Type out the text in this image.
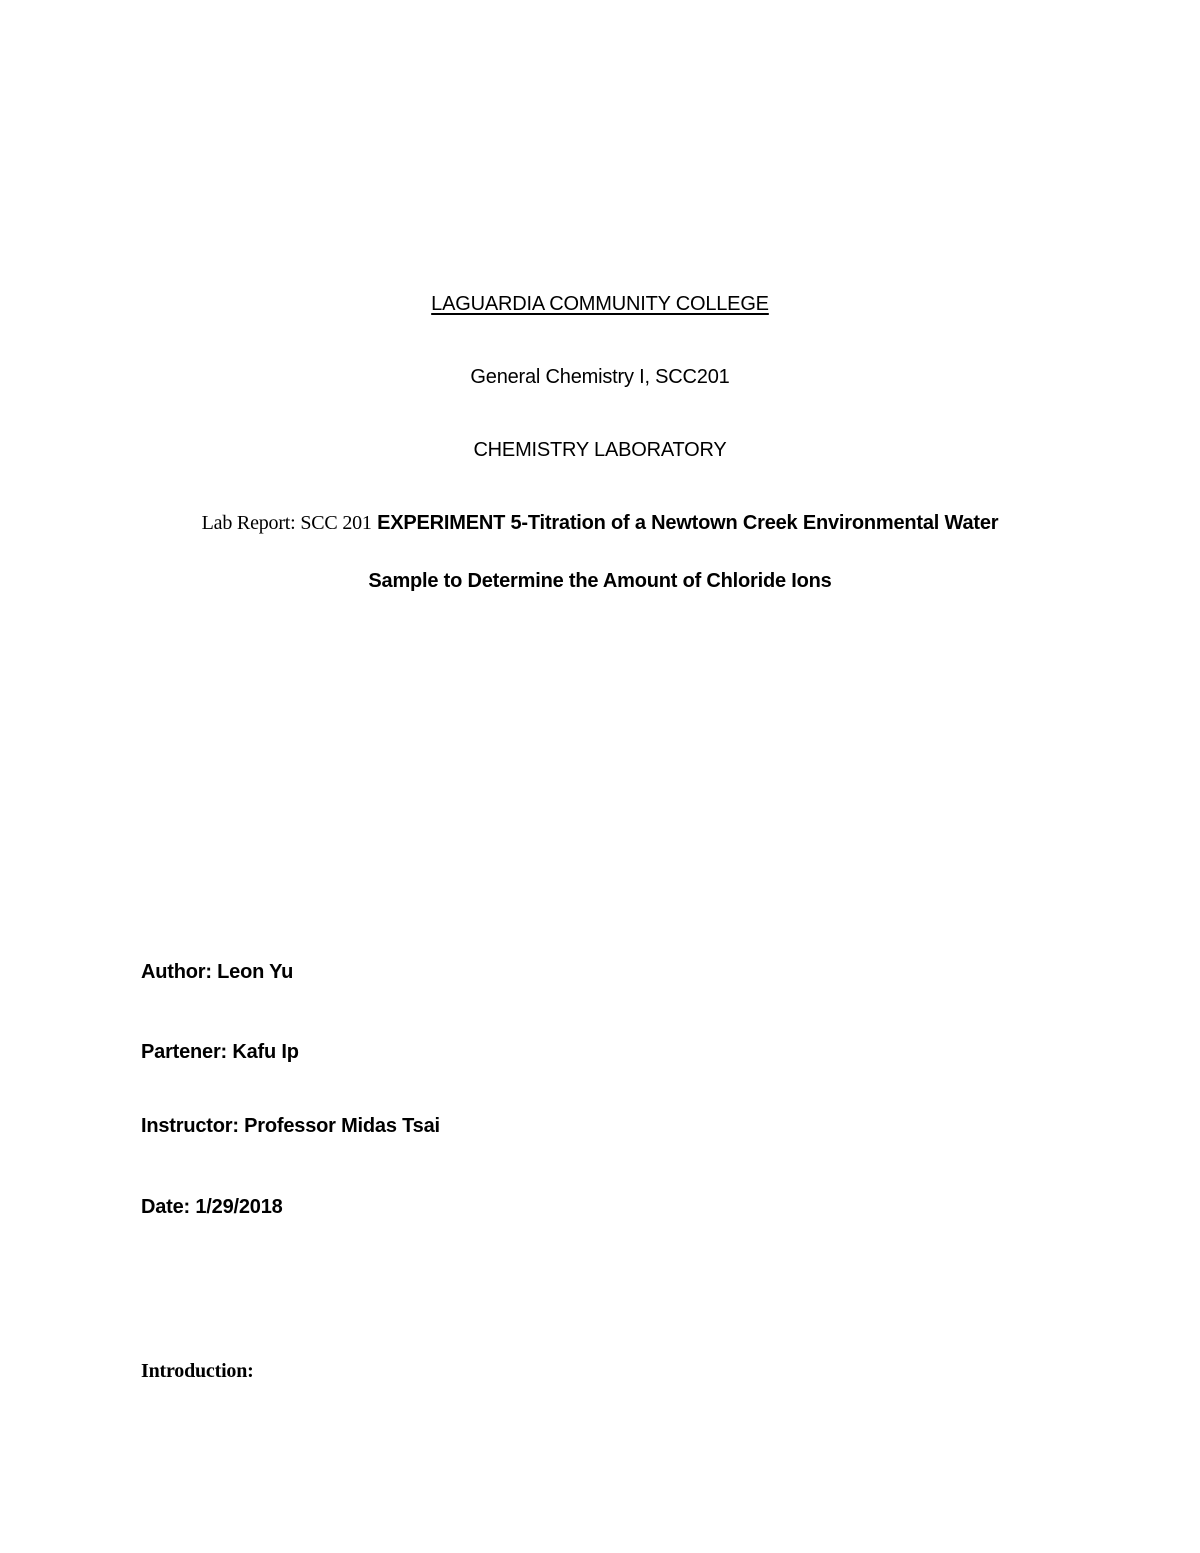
LAGUARDIA COMMUNITY COLLEGE
General Chemistry I, SCC201
CHEMISTRY LABORATORY
Lab Report: SCC 201 EXPERIMENT 5-Titration of a Newtown Creek Environmental Water
Sample to Determine the Amount of Chloride Ions
Author: Leon Yu
Partener: Kafu Ip
Instructor: Professor Midas Tsai
Date: 1/29/2018
Introduction:
